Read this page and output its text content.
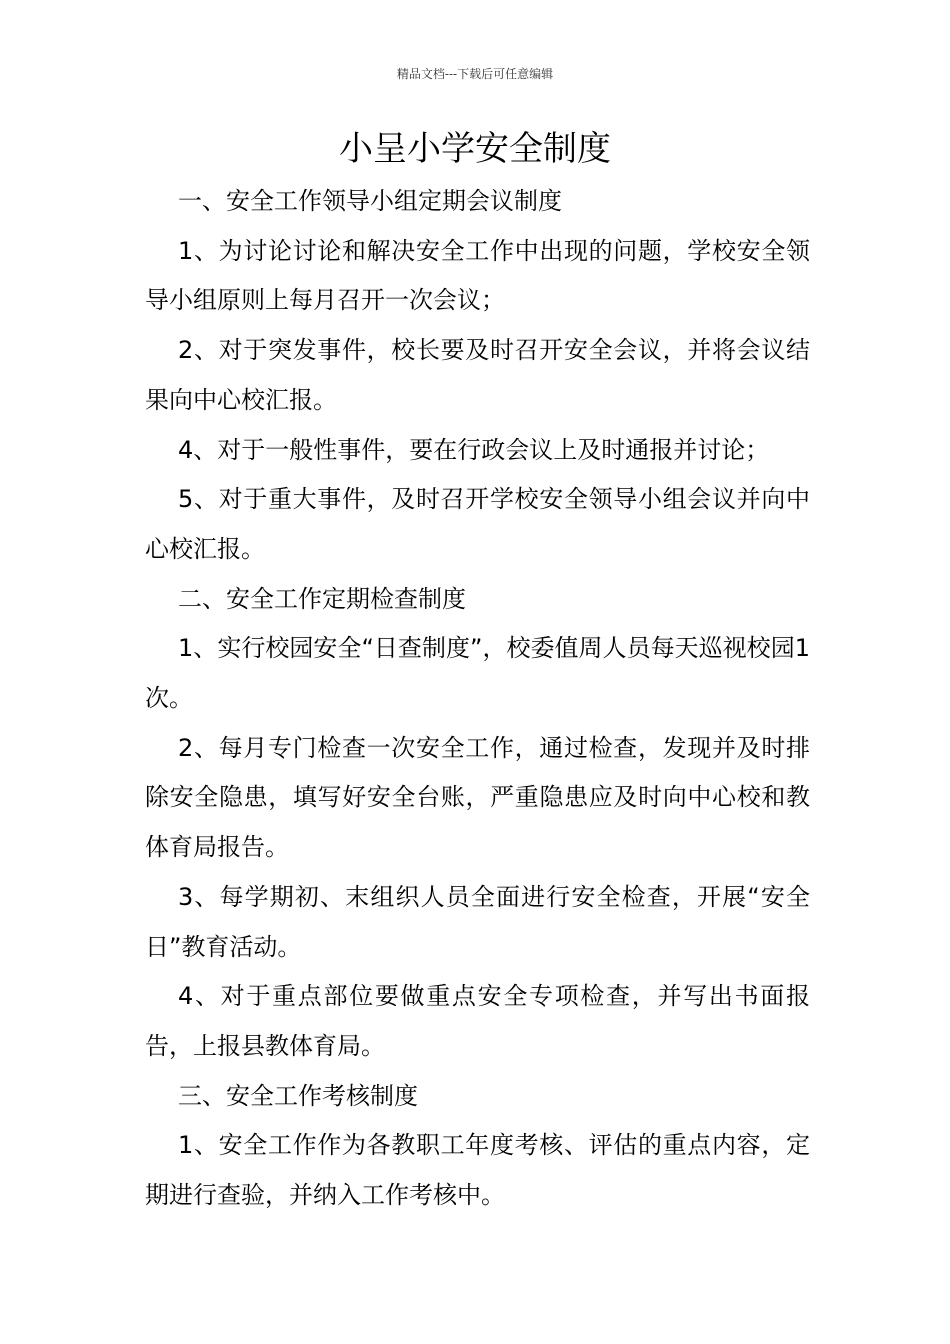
精品文档---下载后可任意编辑
小呈小学安全制度

一、安全工作领导小组定期会议制度

1、为讨论讨论和解决安全工作中出现的问题，学校安全领导小组原则上每月召开一次会议；

2、对于突发事件，校长要及时召开安全会议，并将会议结果向中心校汇报。

4、对于一般性事件，要在行政会议上及时通报并讨论；

5、对于重大事件，及时召开学校安全领导小组会议并向中心校汇报。

二、安全工作定期检查制度

1、实行校园安全“日查制度”，校委值周人员每天巡视校园1次。

2、每月专门检查一次安全工作，通过检查，发现并及时排除安全隐患，填写好安全台账，严重隐患应及时向中心校和教体育局报告。

3、每学期初、末组织人员全面进行安全检查，开展“安全日”教育活动。

4、对于重点部位要做重点安全专项检查，并写出书面报告，上报县教体育局。

三、安全工作考核制度

1、安全工作作为各教职工年度考核、评估的重点内容，定期进行查验，并纳入工作考核中。
